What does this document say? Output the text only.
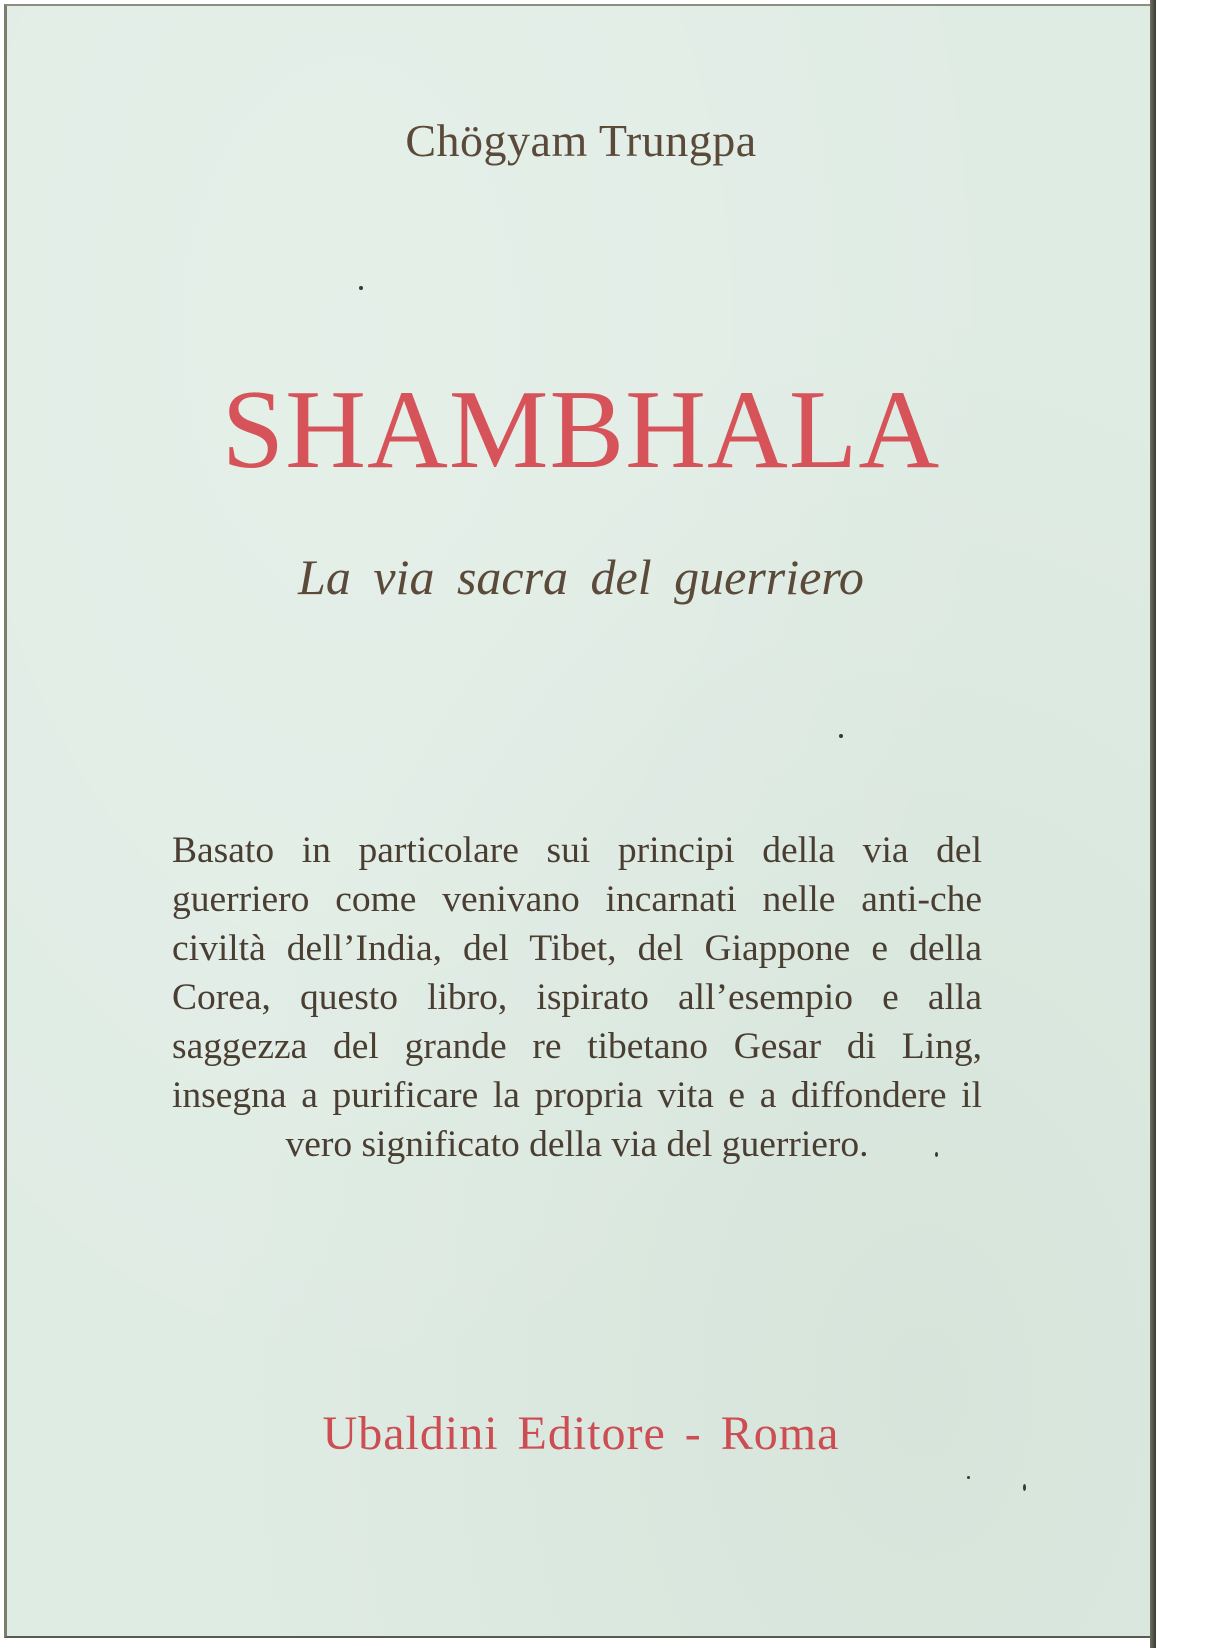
Chögyam Trungpa
SHAMBHALA
La via sacra del guerriero
Basato in particolare sui principi della via del guerriero come venivano incarnati nelle anti-che civiltà dell’India, del Tibet, del Giappone e della Corea, questo libro, ispirato all’esempio e alla saggezza del grande re tibetano Gesar di Ling, insegna a purificare la propria vita e a diffondere il vero significato della via del guerriero.
Ubaldini Editore - Roma
